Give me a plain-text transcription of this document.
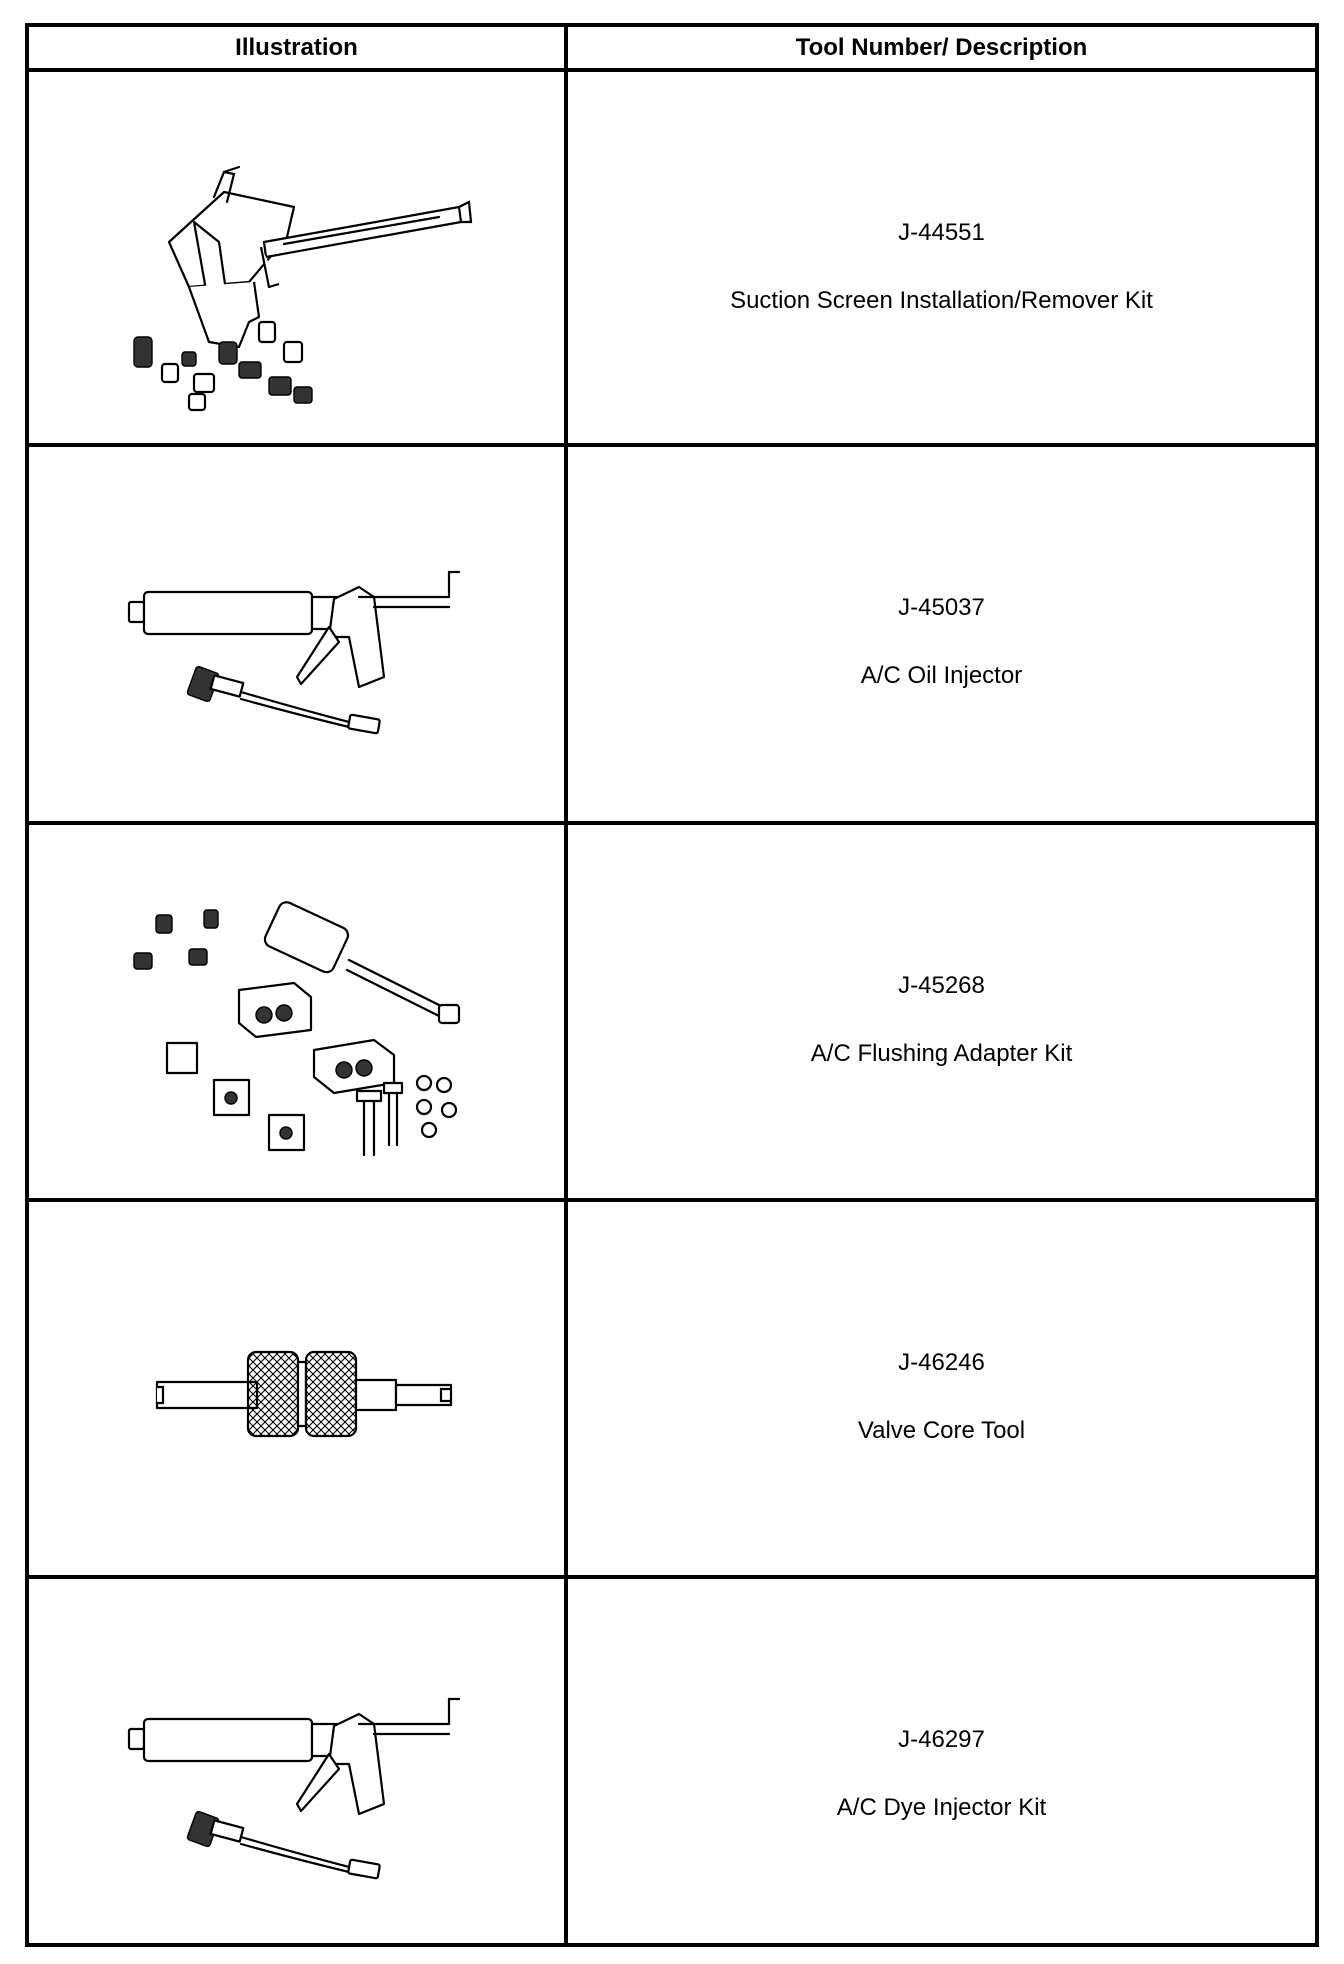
Illustration	Tool Number/ Description
J-44551
Suction Screen Installation/Remover Kit
J-45037
A/C Oil Injector
J-45268
A/C Flushing Adapter Kit
J-46246
Valve Core Tool
J-46297
A/C Dye Injector Kit
